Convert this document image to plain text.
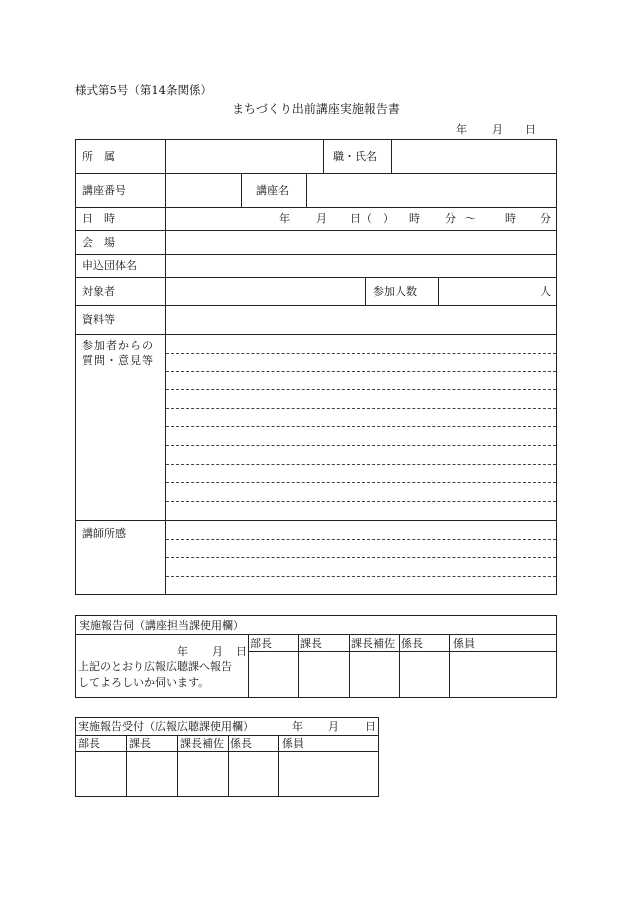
様式第5号（第14条関係）
まちづくり出前講座実施報告書
年 月 日
所　属	職・氏名
講座番号	講座名
日　時	年 月 日（　） 時 分 ～	時 分
会　場
申込団体名
対象者	参加人数	人
資料等
参加者からの
質問・意見等
講師所感
実施報告伺（講座担当課使用欄）
年 月 日
上記のとおり広報広聴課へ報告
してよろしいか伺います。
部長	課長	課長補佐 係長	係員
実施報告受付（広報広聴課使用欄）	年 月 日
部長	課長	課長補佐 係長	係員
